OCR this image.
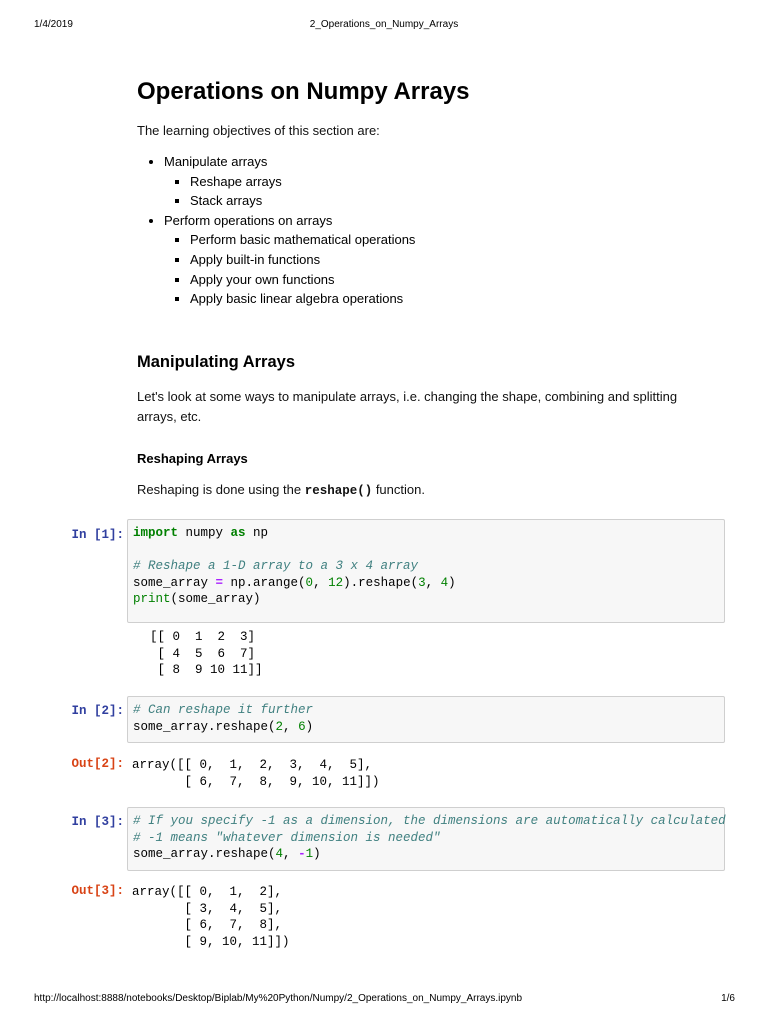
1/4/2019	2_Operations_on_Numpy_Arrays
Operations on Numpy Arrays
The learning objectives of this section are:
• Manipulate arrays
▪ Reshape arrays
▪ Stack arrays
• Perform operations on arrays
▪ Perform basic mathematical operations
▪ Apply built-in functions
▪ Apply your own functions
▪ Apply basic linear algebra operations
Manipulating Arrays
Let's look at some ways to manipulate arrays, i.e. changing the shape, combining and splitting arrays, etc.
Reshaping Arrays
Reshaping is done using the reshape() function.
In [1]: import numpy as np

# Reshape a 1-D array to a 3 x 4 array
some_array = np.arange(0, 12).reshape(3, 4)
print(some_array)
[[ 0  1  2  3]
[ 4  5  6  7]
[ 8  9 10 11]]
In [2]: # Can reshape it further
some_array.reshape(2, 6)
Out[2]: array([[ 0,  1,  2,  3,  4,  5],
[ 6,  7,  8,  9, 10, 11]])
In [3]: # If you specify -1 as a dimension, the dimensions are automatically calculated
# -1 means "whatever dimension is needed"
some_array.reshape(4, -1)
Out[3]: array([[ 0,  1,  2],
[ 3,  4,  5],
[ 6,  7,  8],
[ 9, 10, 11]])
http://localhost:8888/notebooks/Desktop/Biplab/My%20Python/Numpy/2_Operations_on_Numpy_Arrays.ipynb	1/6
